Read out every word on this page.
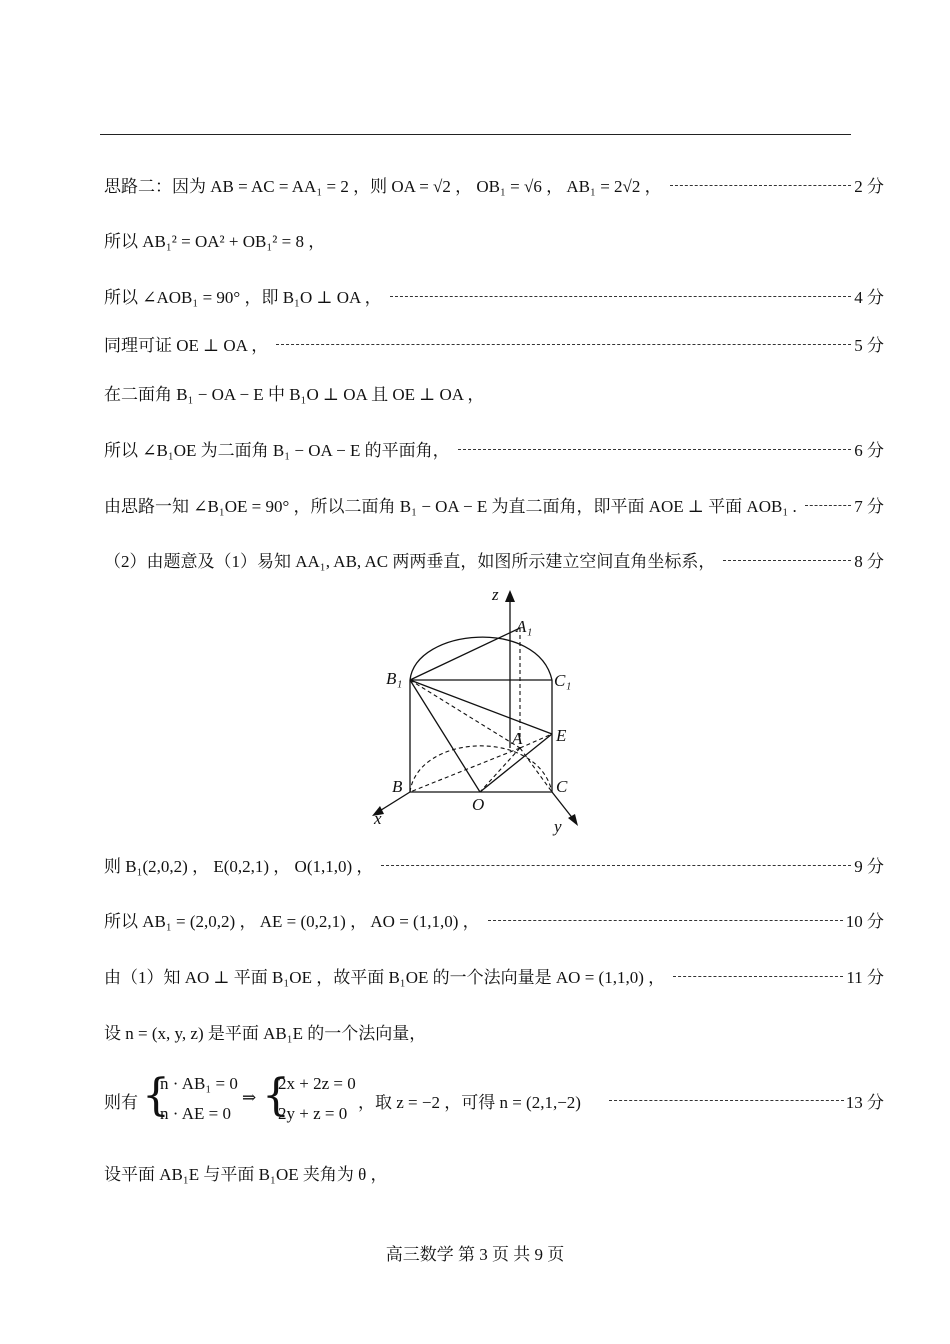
思路二：因为 AB = AC = AA₁ = 2 ，则 OA = √2 ， OB₁ = √6 ， AB₁ = 2√2 ，	2 分
所以 AB₁² = OA² + OB₁² = 8 ，
所以 ∠AOB₁ = 90° ，即 B₁O ⊥ OA ，	4 分
同理可证 OE ⊥ OA ，	5 分
在二面角 B₁ − OA − E 中 B₁O ⊥ OA 且 OE ⊥ OA ，
所以 ∠B₁OE 为二面角 B₁ − OA − E 的平面角，	6 分
由思路一知 ∠B₁OE = 90° ，所以二面角 B₁ − OA − E 为直二面角，即平面 AOE ⊥ 平面 AOB₁ .	7 分
（2）由题意及（1）易知 AA₁, AB, AC 两两垂直，如图所示建立空间直角坐标系，	8 分
z
A₁
B₁	C₁
A E
B	C
O
x	y
则 B₁(2,0,2) ， E(0,2,1) ， O(1,1,0) ，	9 分
所以 AB₁ = (2,0,2) ， AE = (0,2,1) ， AO = (1,1,0) ，	10 分
由（1）知 AO ⊥ 平面 B₁OE ，故平面 B₁OE 的一个法向量是 AO = (1,1,0) ，	11 分
设 n = (x, y, z) 是平面 AB₁E 的一个法向量，
则有 {
n · AB₁ = 0
n · AE = 0
⇒ {
2x + 2z = 0
2y + z = 0
，取 z = −2 ，可得 n = (2,1,−2)	13 分
设平面 AB₁E 与平面 B₁OE 夹角为 θ ，
高三数学 第 3 页 共 9 页
